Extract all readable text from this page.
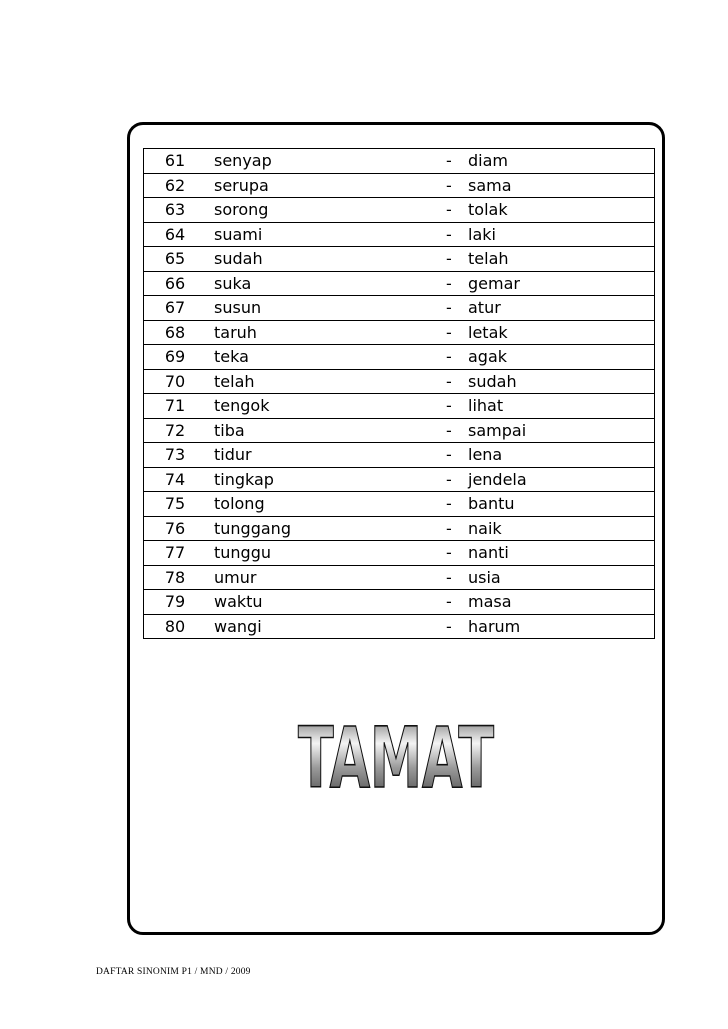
61	senyap	-	diam
62	serupa	-	sama
63	sorong	-	tolak
64	suami	-	laki
65	sudah	-	telah
66	suka	-	gemar
67	susun	-	atur
68	taruh	-	letak
69	teka	-	agak
70	telah	-	sudah
71	tengok	-	lihat
72	tiba	-	sampai
73	tidur	-	lena
74	tingkap	-	jendela
75	tolong	-	bantu
76	tunggang	-	naik
77	tunggu	-	nanti
78	umur	-	usia
79	waktu	-	masa
80	wangi	-	harum
TAMAT
DAFTAR SINONIM P1 / MND / 2009
